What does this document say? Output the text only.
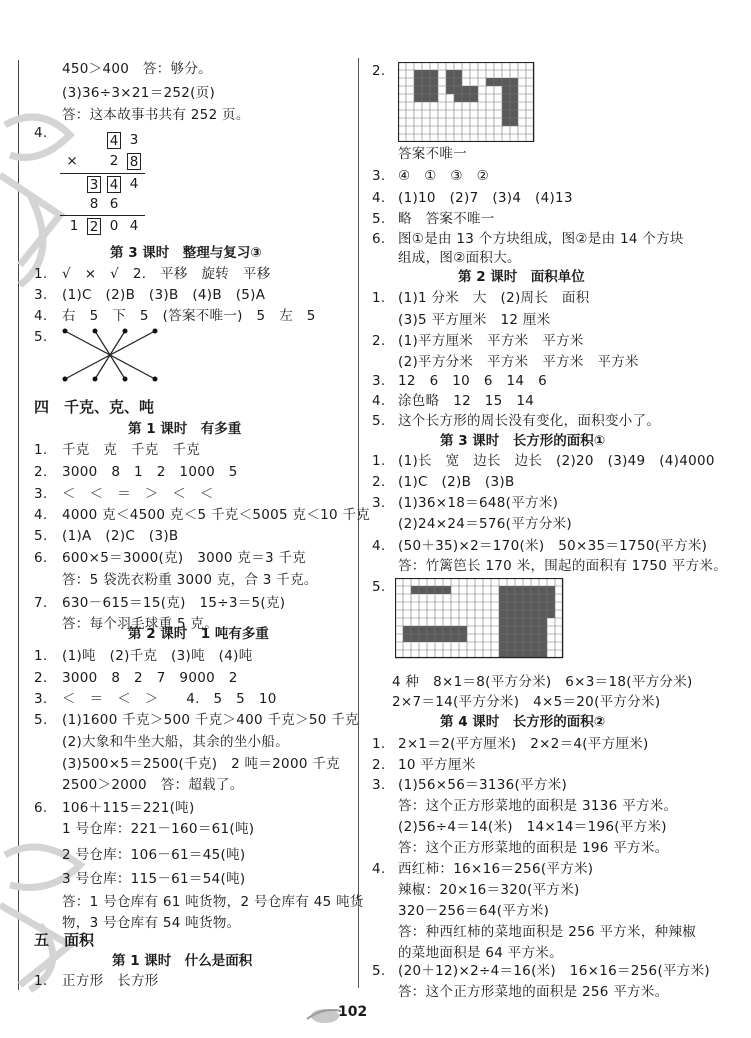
450＞400　答：够分。
(3)36÷3×21＝252(页)
答：这本故事书共有 252 页。
4.	4 3
× 2 8
3 4 4
8 6
1 2 0 4
第 3 课时　整理与复习③
1. √　×　√　2.　平移　旋转　平移
3. (1)C　(2)B　(3)B　(4)B　(5)A
4. 右　5　下　5　(答案不唯一)　5　左　5
5.
四　千克、克、吨
第 1 课时　有多重
1. 千克　克　千克　千克
2. 3000　8　1　2　1000　5
3. ＜　＜　＝　＞　＜　＜
4. 4000 克＜4500 克＜5 千克＜5005 克＜10 千克
5. (1)A　(2)C　(3)B
6. 600×5＝3000(克)　3000 克＝3 千克
答：5 袋洗衣粉重 3000 克，合 3 千克。
7. 630－615＝15(克)　15÷3＝5(克)
答：每个羽毛球重 5 克。
第 2 课时　1 吨有多重
1. (1)吨　(2)千克　(3)吨　(4)吨
2. 3000　8　2　7　9000　2
3. ＜　＝　＜　＞　　4.　5　5　10
5. (1)1600 千克＞500 千克＞400 千克＞50 千克
(2)大象和牛坐大船，其余的坐小船。
(3)500×5＝2500(千克)　2 吨＝2000 千克
2500＞2000　答：超载了。
6. 106＋115＝221(吨)
1 号仓库：221－160＝61(吨)
2 号仓库：106－61＝45(吨)
3 号仓库：115－61＝54(吨)
答：1 号仓库有 61 吨货物，2 号仓库有 45 吨货
物，3 号仓库有 54 吨货物。
五　面积
第 1 课时　什么是面积
1. 正方形　长方形
2.
答案不唯一
3. ④　①　③　②
4. (1)10　(2)7　(3)4　(4)13
5. 略　答案不唯一
6. 图①是由 13 个方块组成，图②是由 14 个方块
组成，图②面积大。
第 2 课时　面积单位
1. (1)1 分米　大　(2)周长　面积
(3)5 平方厘米　12 厘米
2. (1)平方厘米　平方米　平方米
(2)平方分米　平方米　平方米　平方米
3. 12　6　10　6　14　6
4. 涂色略　12　15　14
5. 这个长方形的周长没有变化，面积变小了。
第 3 课时　长方形的面积①
1. (1)长　宽　边长　边长　(2)20　(3)49　(4)4000
2. (1)C　(2)B　(3)B
3. (1)36×18＝648(平方米)
(2)24×24＝576(平方分米)
4. (50＋35)×2＝170(米)　50×35＝1750(平方米)
答：竹篱笆长 170 米，围起的面积有 1750 平方米。
5.
4 种　8×1＝8(平方分米)　6×3＝18(平方分米)
2×7＝14(平方分米)　4×5＝20(平方分米)
第 4 课时　长方形的面积②
1. 2×1＝2(平方厘米)　2×2＝4(平方厘米)
2. 10 平方厘米
3. (1)56×56＝3136(平方米)
答：这个正方形菜地的面积是 3136 平方米。
(2)56÷4＝14(米)　14×14＝196(平方米)
答：这个正方形菜地的面积是 196 平方米。
4. 西红柿：16×16＝256(平方米)
辣椒：20×16＝320(平方米)
320－256＝64(平方米)
答：种西红柿的菜地面积是 256 平方米，种辣椒
的菜地面积是 64 平方米。
5. (20＋12)×2÷4＝16(米)　16×16＝256(平方米)
答：这个正方形菜地的面积是 256 平方米。
102
